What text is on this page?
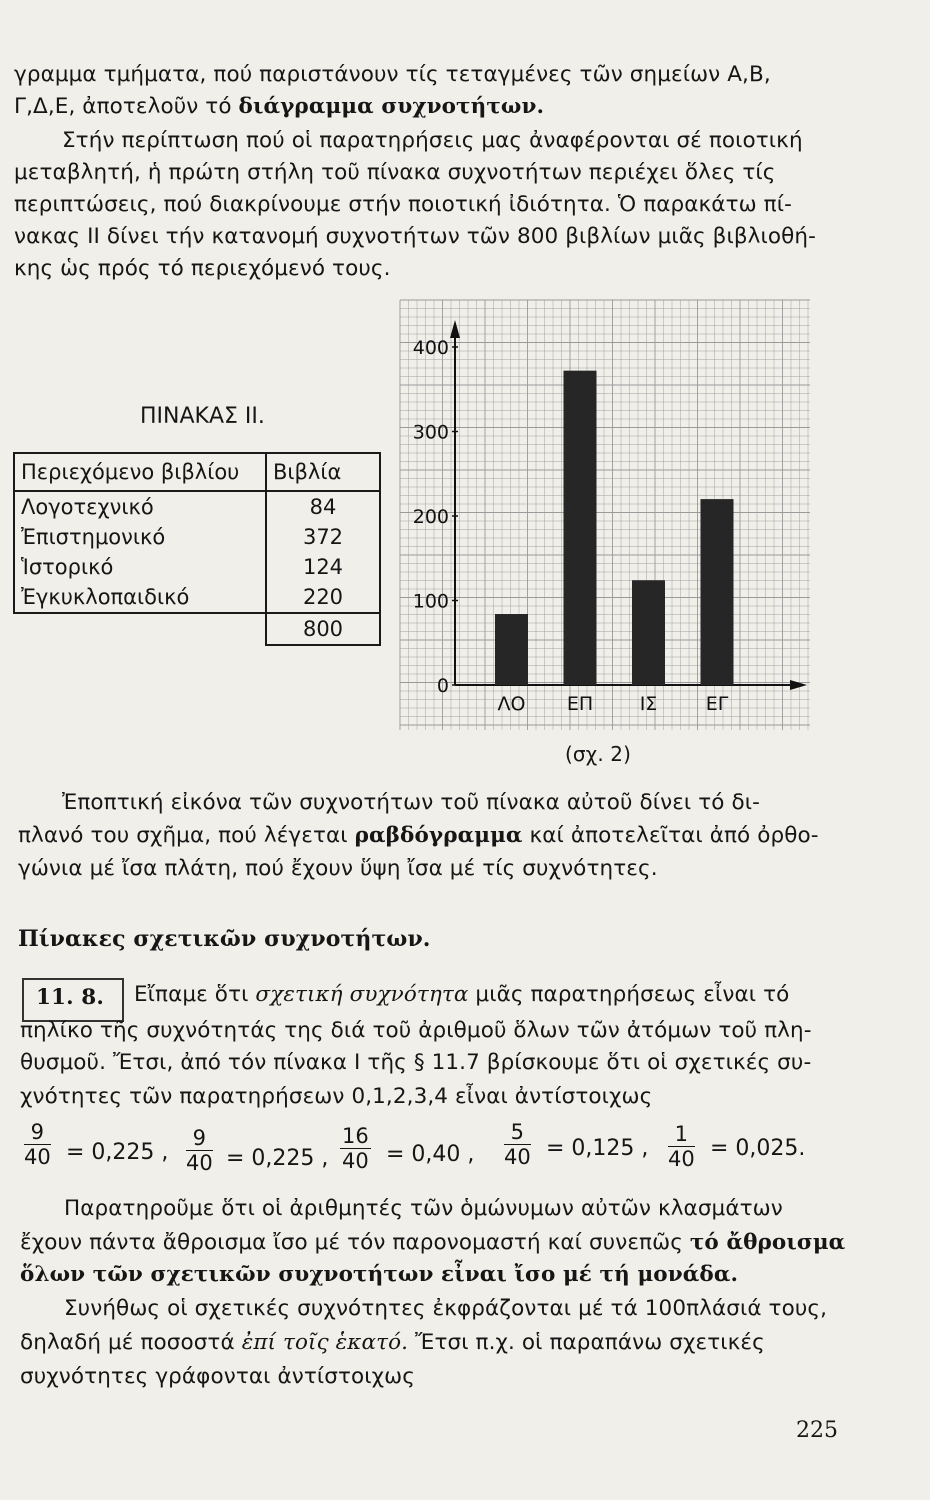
γραμμα τμήματα, πού παριστάνουν τίς τεταγμένες τῶν σημείων Α,Β,
Γ,Δ,Ε, ἀποτελοῦν τό διάγραμμα συχνοτήτων.
Στήν περίπτωση πού οἱ παρατηρήσεις μας ἀναφέρονται σέ ποιοτική
μεταβλητή, ἡ πρώτη στήλη τοῦ πίνακα συχνοτήτων περιέχει ὅλες τίς
περιπτώσεις, πού διακρίνουμε στήν ποιοτική ἰδιότητα. Ὁ παρακάτω πί-
νακας II δίνει τήν κατανομή συχνοτήτων τῶν 800 βιβλίων μιᾶς βιβλιοθή-
κης ὡς πρός τό περιεχόμενό τους.
ΠΙΝΑΚΑΣ II.
Περιεχόμενο βιβλίου	Βιβλία
Λογοτεχνικό	84
Ἐπιστημονικό	372
Ἱστορικό	124
Ἐγκυκλοπαιδικό	220
	800
0
100
200
300
400
ΛΟ ΕΠ ΙΣ	ΕΓ
(σχ. 2)
Ἐποπτική εἰκόνα τῶν συχνοτήτων τοῦ πίνακα αὐτοῦ δίνει τό δι-
πλανό του σχῆμα, πού λέγεται ραβδόγραμμα καί ἀποτελεῖται ἀπό ὀρθο-
γώνια μέ ἴσα πλάτη, πού ἔχουν ὕψη ἴσα μέ τίς συχνότητες.
Πίνακες σχετικῶν συχνοτήτων.
11. 8. Εἴπαμε ὅτι σχετική συχνότητα μιᾶς παρατηρήσεως εἶναι τό
πηλίκο τῆς συχνότητάς της διά τοῦ ἀριθμοῦ ὅλων τῶν ἀτόμων τοῦ πλη-
θυσμοῦ. Ἔτσι, ἀπό τόν πίνακα I τῆς § 11.7 βρίσκουμε ὅτι οἱ σχετικές συ-
χνότητες τῶν παρατηρήσεων 0,1,2,3,4 εἶναι ἀντίστοιχως
$\frac{9}{40} = 0,225$ , $\frac{9}{40} = 0,225$ , $\frac{16}{40} = 0,40$ , $\frac{5}{40} = 0,125$ , $\frac{1}{40} = 0,025$.
Παρατηροῦμε ὅτι οἱ ἀριθμητές τῶν ὁμώνυμων αὐτῶν κλασμάτων
ἔχουν πάντα ἄθροισμα ἴσο μέ τόν παρονομαστή καί συνεπῶς τό ἄθροισμα
ὅλων τῶν σχετικῶν συχνοτήτων εἶναι ἴσο μέ τή μονάδα.
Συνήθως οἱ σχετικές συχνότητες ἐκφράζονται μέ τά 100πλάσιά τους,
δηλαδή μέ ποσοστά ἐπί τοῖς ἑκατό. Ἔτσι π.χ. οἱ παραπάνω σχετικές
συχνότητες γράφονται ἀντίστοιχως
225
